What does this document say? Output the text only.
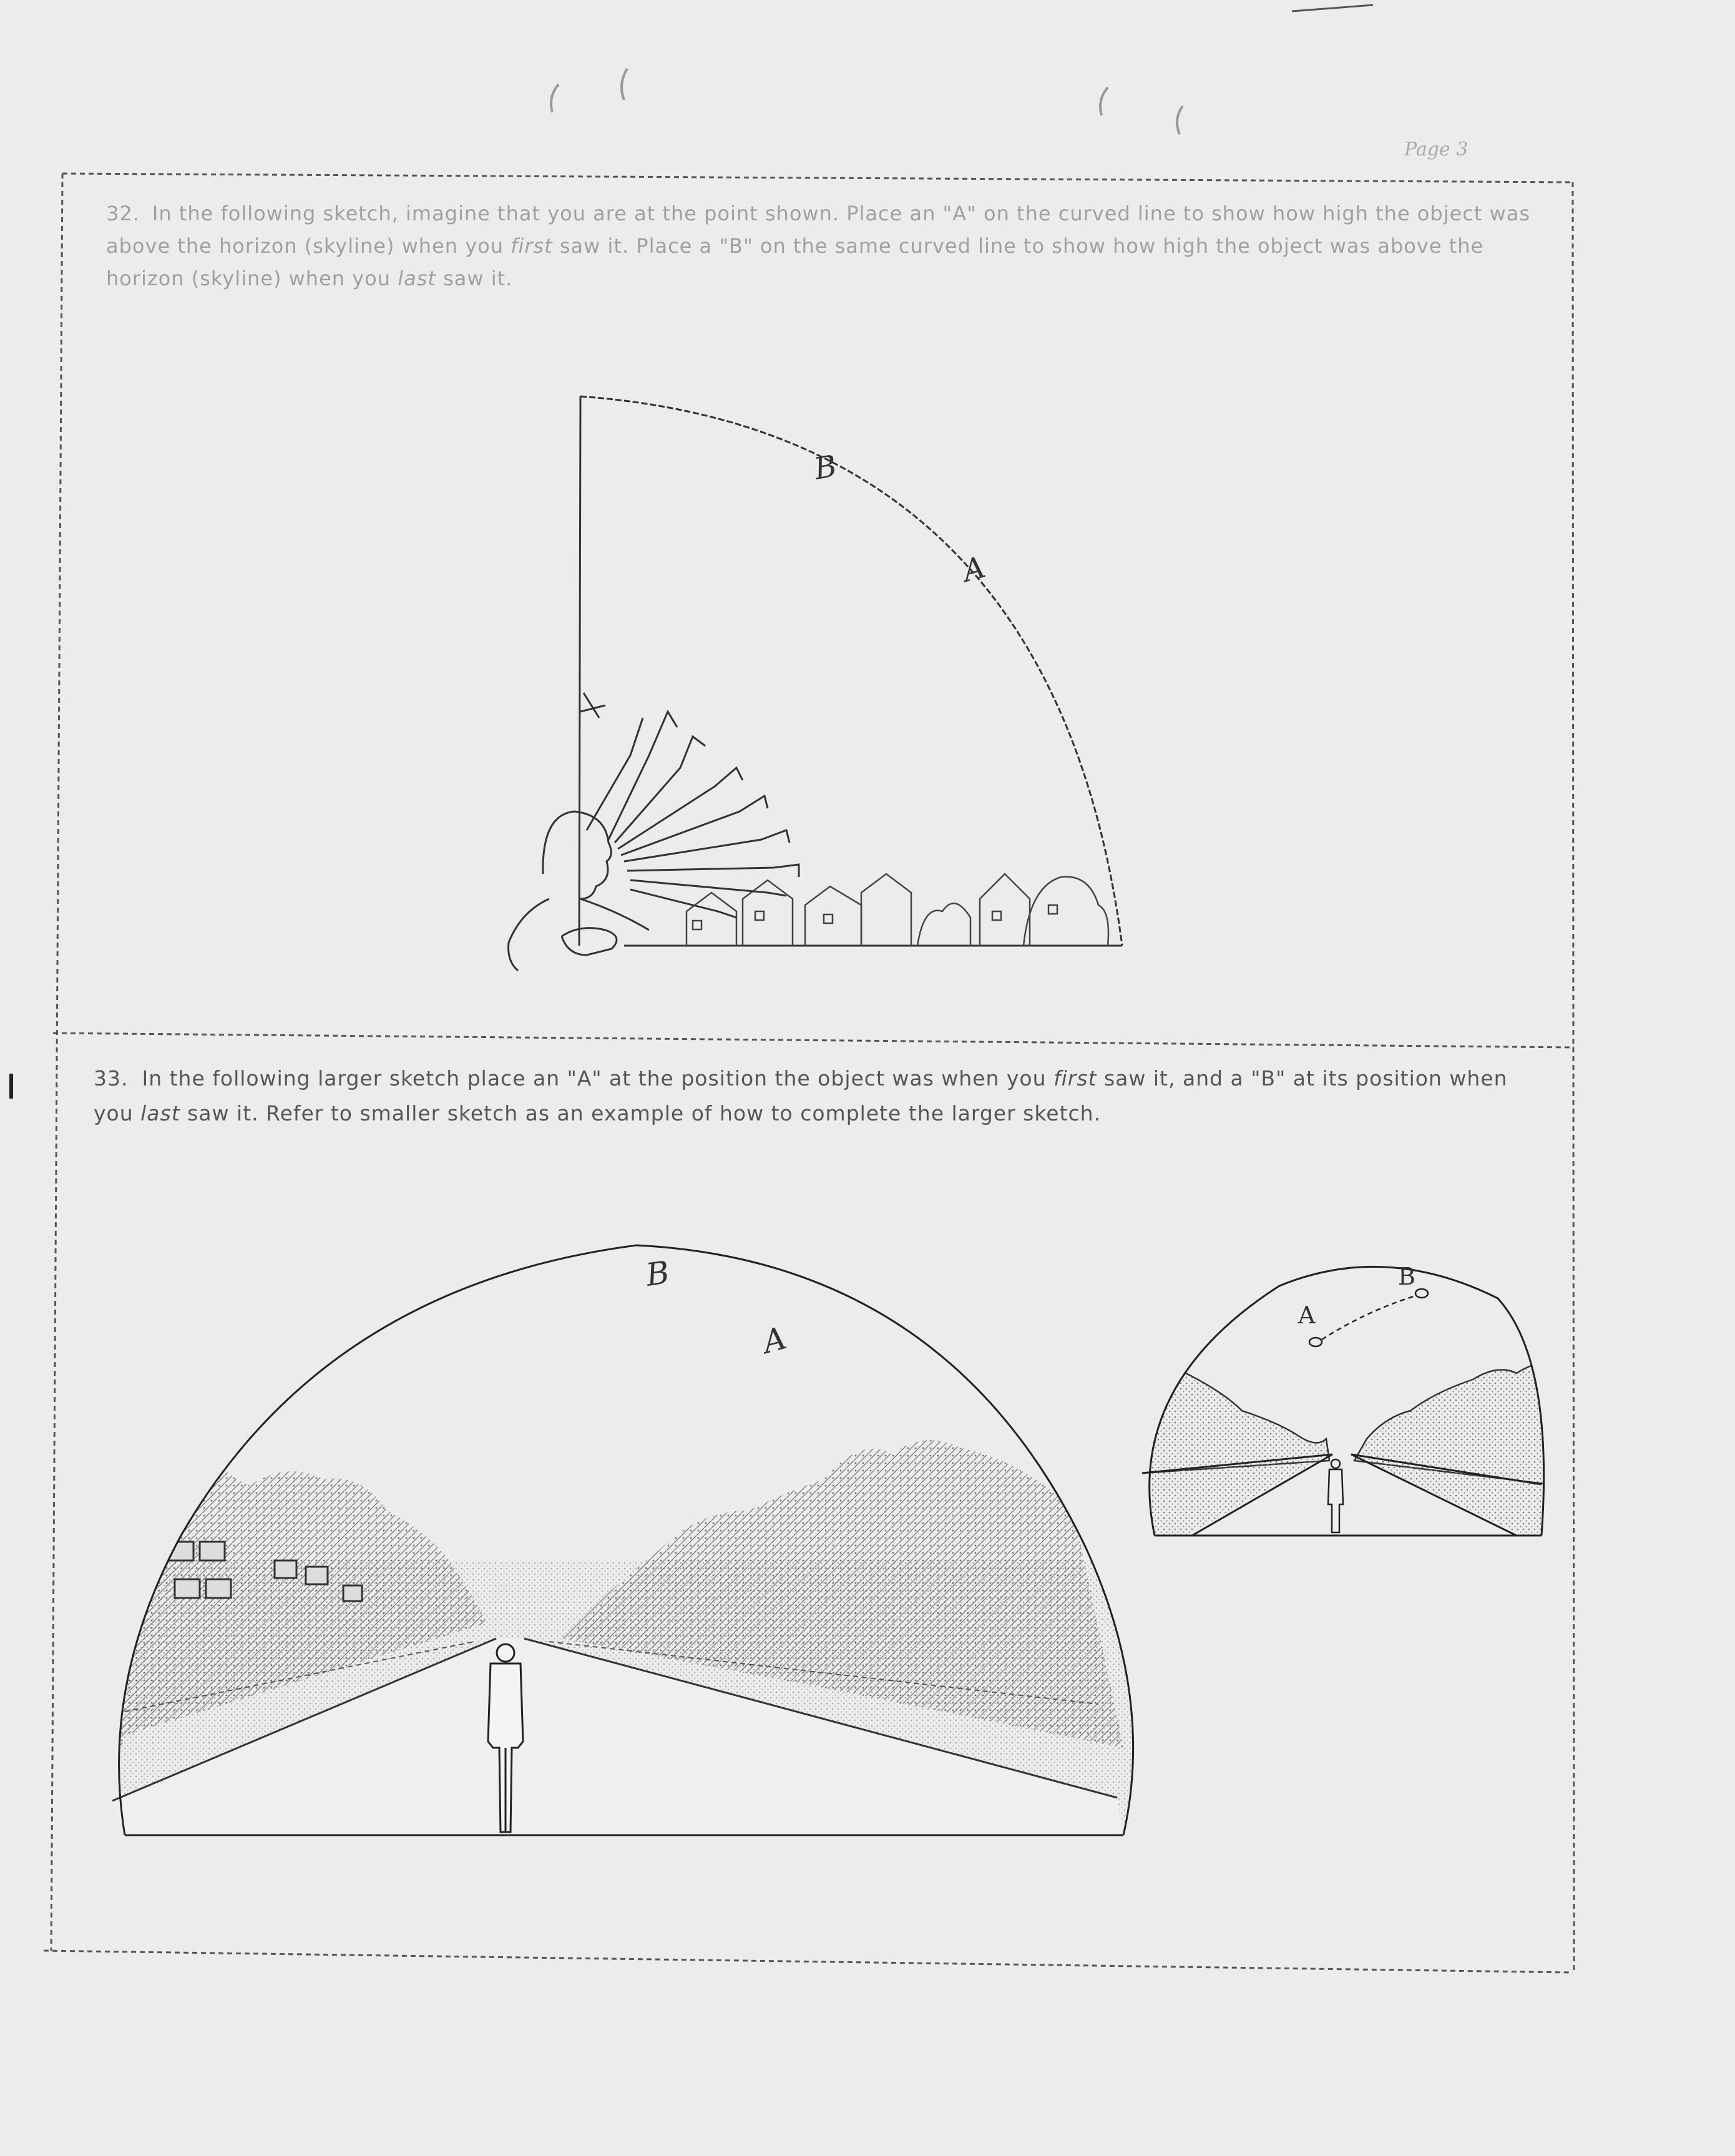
Page 3
32. In the following sketch, imagine that you are at the point shown. Place an "A" on the curved line to show how high the object was above the horizon (skyline) when you first saw it. Place a "B" on the same curved line to show how high the object was above the horizon (skyline) when you last saw it.
33. In the following larger sketch place an "A" at the position the object was when you first saw it, and a "B" at its position when you last saw it. Refer to smaller sketch as an example of how to complete the larger sketch.
B
A
B
A
A
B
